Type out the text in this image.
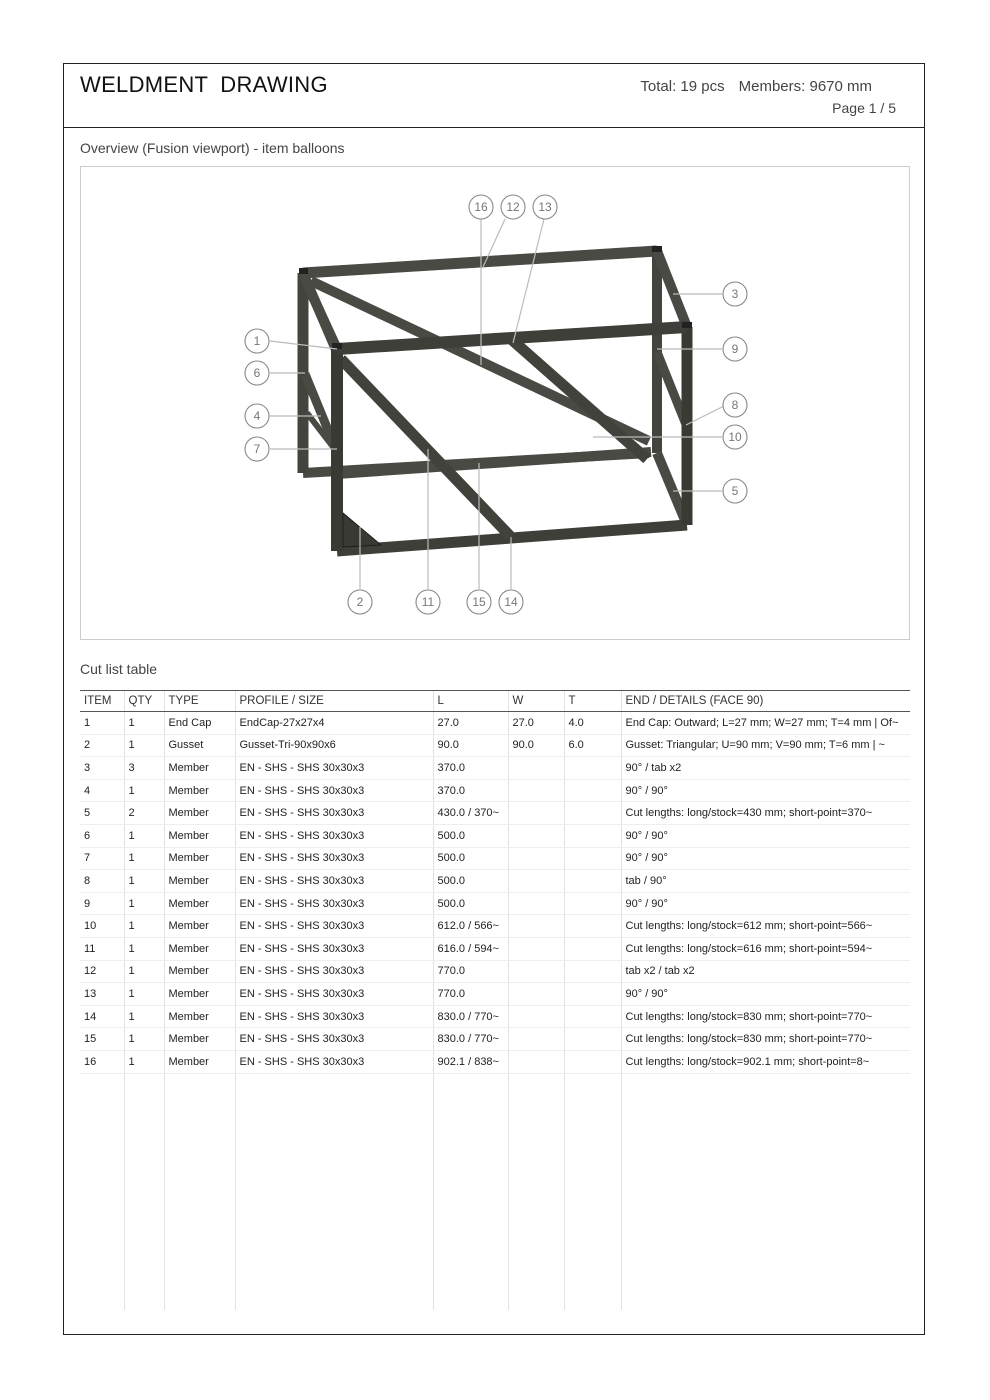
WELDMENT DRAWING	Total: 19 pcs Members: 9670 mm
Page 1 / 5
Overview (Fusion viewport) - item balloons
16 12 13
3
9
8
10
5
1
6
4
7
2	11	15 14
Cut list table
ITEM	QTY	TYPE	PROFILE / SIZE	L	W	T	END / DETAILS (FACE 90)
1	1	End Cap	EndCap-27x27x4	27.0	27.0	4.0	End Cap: Outward; L=27 mm; W=27 mm; T=4 mm | Of~
2	1	Gusset	Gusset-Tri-90x90x6	90.0	90.0	6.0	Gusset: Triangular; U=90 mm; V=90 mm; T=6 mm | ~
3	3	Member	EN - SHS - SHS 30x30x3	370.0			90° / tab x2
4	1	Member	EN - SHS - SHS 30x30x3	370.0			90° / 90°
5	2	Member	EN - SHS - SHS 30x30x3	430.0 / 370~			Cut lengths: long/stock=430 mm; short-point=370~
6	1	Member	EN - SHS - SHS 30x30x3	500.0			90° / 90°
7	1	Member	EN - SHS - SHS 30x30x3	500.0			90° / 90°
8	1	Member	EN - SHS - SHS 30x30x3	500.0			tab / 90°
9	1	Member	EN - SHS - SHS 30x30x3	500.0			90° / 90°
10	1	Member	EN - SHS - SHS 30x30x3	612.0 / 566~			Cut lengths: long/stock=612 mm; short-point=566~
11	1	Member	EN - SHS - SHS 30x30x3	616.0 / 594~			Cut lengths: long/stock=616 mm; short-point=594~
12	1	Member	EN - SHS - SHS 30x30x3	770.0			tab x2 / tab x2
13	1	Member	EN - SHS - SHS 30x30x3	770.0			90° / 90°
14	1	Member	EN - SHS - SHS 30x30x3	830.0 / 770~			Cut lengths: long/stock=830 mm; short-point=770~
15	1	Member	EN - SHS - SHS 30x30x3	830.0 / 770~			Cut lengths: long/stock=830 mm; short-point=770~
16	1	Member	EN - SHS - SHS 30x30x3	902.1 / 838~			Cut lengths: long/stock=902.1 mm; short-point=8~
